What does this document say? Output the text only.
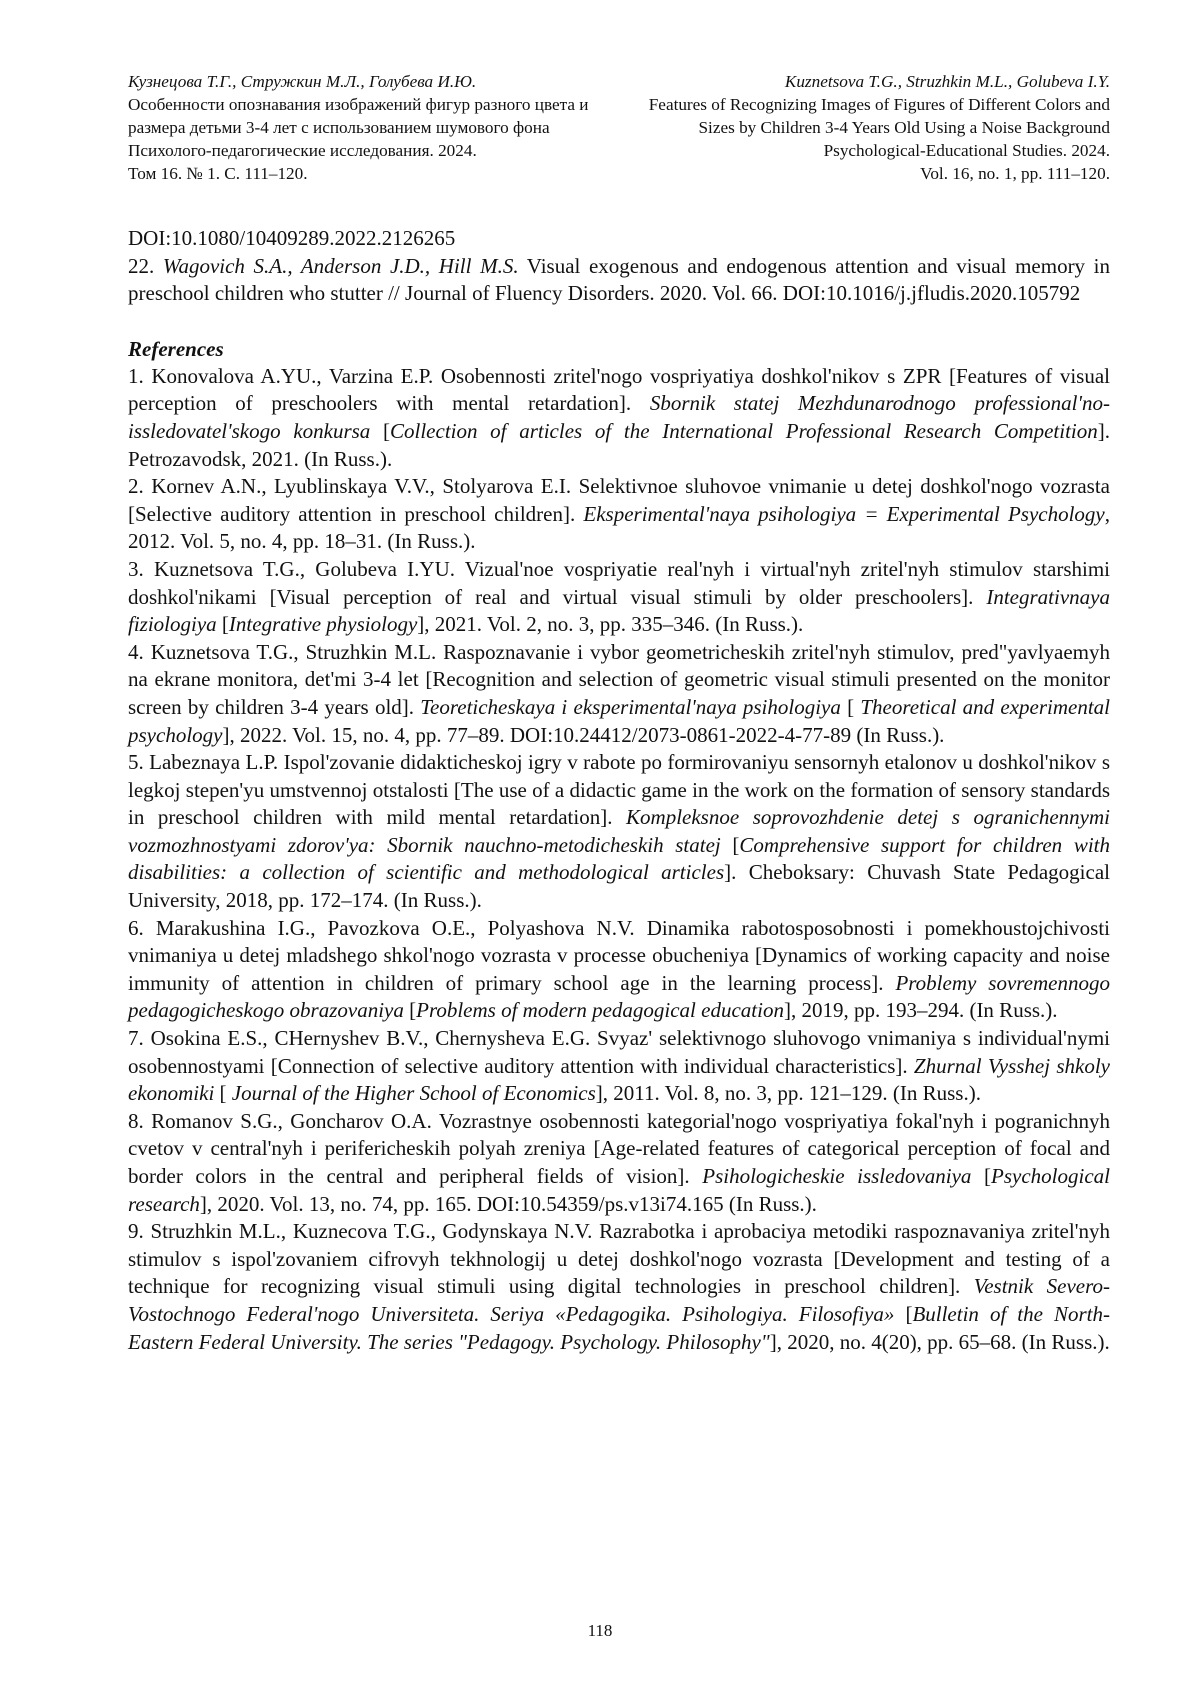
Кузнецова Т.Г., Стружкин М.Л., Голубева И.Ю.
Особенности опознавания изображений фигур разного цвета и размера детьми 3-4 лет с использованием шумового фона
Психолого-педагогические исследования. 2024.
Том 16. № 1. С. 111–120.
Kuznetsova T.G., Struzhkin M.L., Golubeva I.Y.
Features of Recognizing Images of Figures of Different Colors and Sizes by Children 3-4 Years Old Using a Noise Background
Psychological-Educational Studies. 2024.
Vol. 16, no. 1, pp. 111–120.

DOI:10.1080/10409289.2022.2126265

22. Wagovich S.A., Anderson J.D., Hill M.S. Visual exogenous and endogenous attention and visual memory in preschool children who stutter // Journal of Fluency Disorders. 2020. Vol. 66. DOI:10.1016/j.jfludis.2020.105792

References

1. Konovalova A.YU., Varzina E.P. Osobennosti zritel'nogo vospriyatiya doshkol'nikov s ZPR [Features of visual perception of preschoolers with mental retardation]. Sbornik statej Mezhdunarodnogo professional'no-issledovatel'skogo konkursa [Collection of articles of the International Professional Research Competition]. Petrozavodsk, 2021. (In Russ.).

2. Kornev A.N., Lyublinskaya V.V., Stolyarova E.I. Selektivnoe sluhovoe vnimanie u detej doshkol'nogo vozrasta [Selective auditory attention in preschool children]. Eksperimental'naya psihologiya = Experimental Psychology, 2012. Vol. 5, no. 4, pp. 18–31. (In Russ.).

3. Kuznetsova T.G., Golubeva I.YU. Vizual'noe vospriyatie real'nyh i virtual'nyh zritel'nyh stimulov starshimi doshkol'nikami [Visual perception of real and virtual visual stimuli by older preschoolers]. Integrativnaya fiziologiya [Integrative physiology], 2021. Vol. 2, no. 3, pp. 335–346. (In Russ.).

4. Kuznetsova T.G., Struzhkin M.L. Raspoznavanie i vybor geometricheskih zritel'nyh stimulov, pred"yavlyaemyh na ekrane monitora, det'mi 3-4 let [Recognition and selection of geometric visual stimuli presented on the monitor screen by children 3-4 years old]. Teoreticheskaya i eksperimental'naya psihologiya [ Theoretical and experimental psychology], 2022. Vol. 15, no. 4, pp. 77–89. DOI:10.24412/2073-0861-2022-4-77-89 (In Russ.).

5. Labeznaya L.P. Ispol'zovanie didakticheskoj igry v rabote po formirovaniyu sensornyh etalonov u doshkol'nikov s legkoj stepen'yu umstvennoj otstalosti [The use of a didactic game in the work on the formation of sensory standards in preschool children with mild mental retardation]. Kompleksnoe soprovozhdenie detej s ogranichennymi vozmozhnostyami zdorov'ya: Sbornik nauchno-metodicheskih statej [Comprehensive support for children with disabilities: a collection of scientific and methodological articles]. Cheboksary: Chuvash State Pedagogical University, 2018, pp. 172–174. (In Russ.).

6. Marakushina I.G., Pavozkova O.E., Polyashova N.V. Dinamika rabotosposobnosti i pomekhoustojchivosti vnimaniya u detej mladshego shkol'nogo vozrasta v processe obucheniya [Dynamics of working capacity and noise immunity of attention in children of primary school age in the learning process]. Problemy sovremennogo pedagogicheskogo obrazovaniya [Problems of modern pedagogical education], 2019, pp. 193–294. (In Russ.).

7. Osokina E.S., CHernyshev B.V., Chernysheva E.G. Svyaz' selektivnogo sluhovogo vnimaniya s individual'nymi osobennostyami [Connection of selective auditory attention with individual characteristics]. Zhurnal Vysshej shkoly ekonomiki [ Journal of the Higher School of Economics], 2011. Vol. 8, no. 3, pp. 121–129. (In Russ.).

8. Romanov S.G., Goncharov O.A. Vozrastnye osobennosti kategorial'nogo vospriyatiya fokal'nyh i pogranichnyh cvetov v central'nyh i perifericheskih polyah zreniya [Age-related features of categorical perception of focal and border colors in the central and peripheral fields of vision]. Psihologicheskie issledovaniya [Psychological research], 2020. Vol. 13, no. 74, pp. 165. DOI:10.54359/ps.v13i74.165 (In Russ.).

9. Struzhkin M.L., Kuznecova T.G., Godynskaya N.V. Razrabotka i aprobaciya metodiki raspoznavaniya zritel'nyh stimulov s ispol'zovaniem cifrovyh tekhnologij u detej doshkol'nogo vozrasta [Development and testing of a technique for recognizing visual stimuli using digital technologies in preschool children]. Vestnik Severo-Vostochnogo Federal'nogo Universiteta. Seriya «Pedagogika. Psihologiya. Filosofiya» [Bulletin of the North-Eastern Federal University. The series "Pedagogy. Psychology. Philosophy"], 2020, no. 4(20), pp. 65–68. (In Russ.).

118
